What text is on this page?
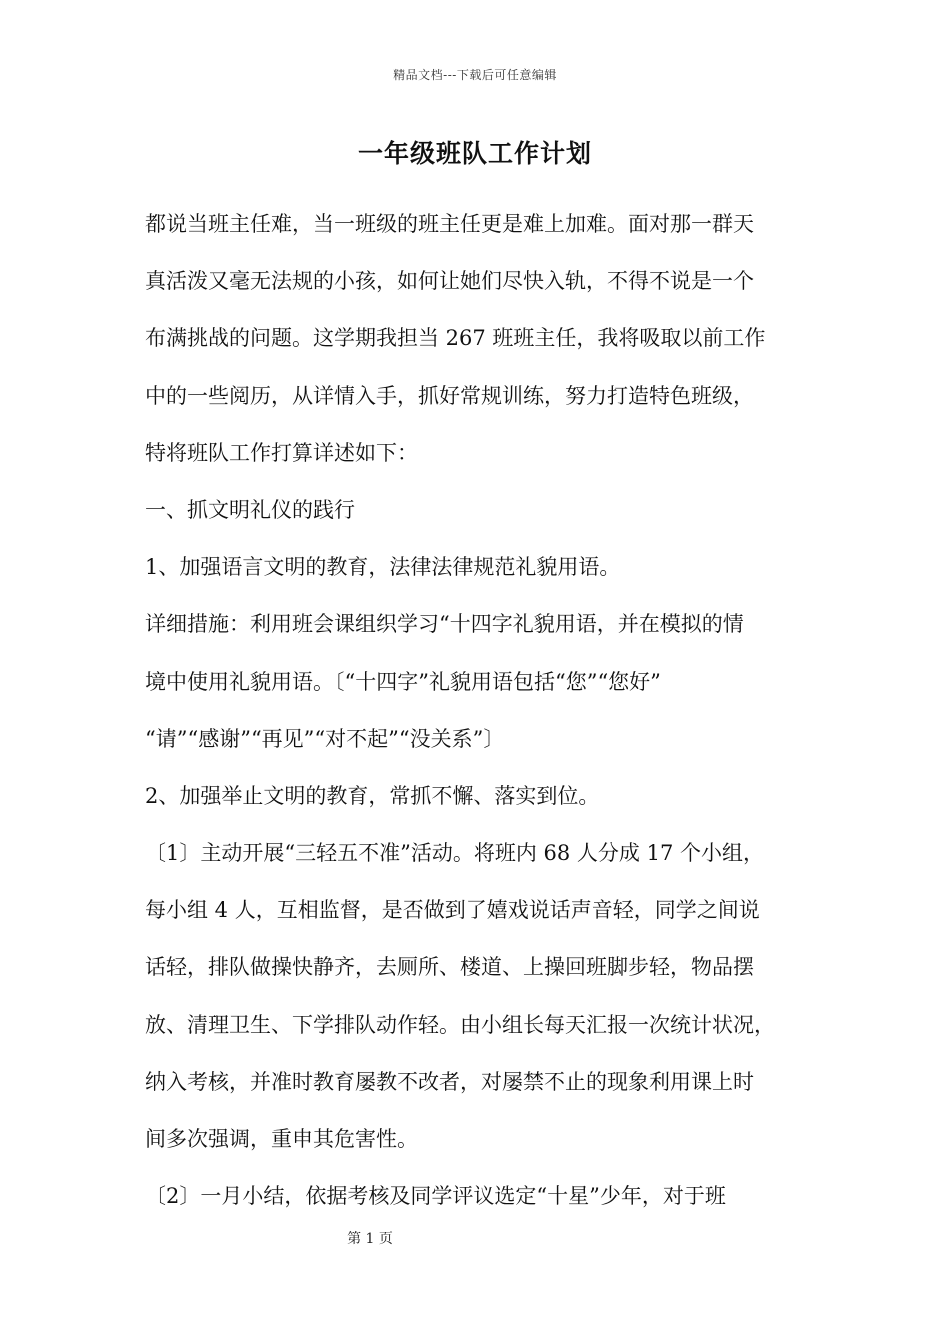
精品文档---下载后可任意编辑
一年级班队工作计划
都说当班主任难，当一班级的班主任更是难上加难。面对那一群天
真活泼又毫无法规的小孩，如何让她们尽快入轨，不得不说是一个
布满挑战的问题。这学期我担当 267 班班主任，我将吸取以前工作
中的一些阅历，从详情入手，抓好常规训练，努力打造特色班级，
特将班队工作打算详述如下：
一、抓文明礼仪的践行
1、加强语言文明的教育，法律法律规范礼貌用语。
详细措施：利用班会课组织学习“十四字礼貌用语，并在模拟的情
境中使用礼貌用语。〔“十四字”礼貌用语包括“您”“您好”
“请”“感谢”“再见”“对不起”“没关系”〕
2、加强举止文明的教育，常抓不懈、落实到位。
〔1〕主动开展“三轻五不准”活动。将班内 68 人分成 17 个小组，
每小组 4 人，互相监督，是否做到了嬉戏说话声音轻，同学之间说
话轻，排队做操快静齐，去厕所、楼道、上操回班脚步轻，物品摆
放、清理卫生、下学排队动作轻。由小组长每天汇报一次统计状况，
纳入考核，并准时教育屡教不改者，对屡禁不止的现象利用课上时
间多次强调，重申其危害性。
〔2〕一月小结，依据考核及同学评议选定“十星”少年，对于班
第 1 页
